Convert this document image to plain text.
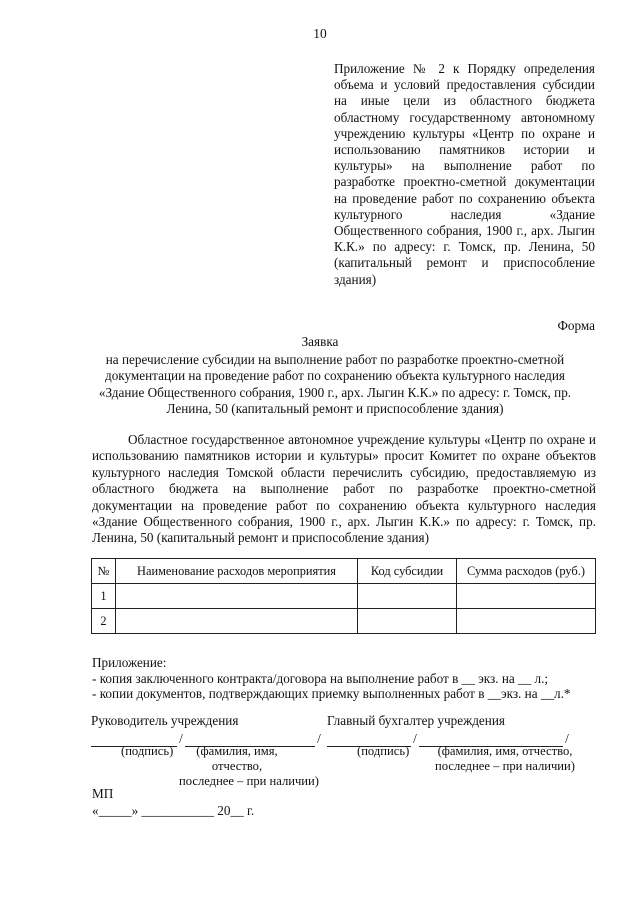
10
Приложение № 2 к Порядку определения объема и условий предоставления субсидии на иные цели из областного бюджета областному государственному автономному учреждению культуры «Центр по охране и использованию памятников истории и культуры» на выполнение работ по разработке проектно-сметной документации на проведение работ по сохранению объекта культурного наследия «Здание Общественного собрания, 1900 г., арх. Лыгин К.К.» по адресу: г. Томск, пр. Ленина, 50 (капитальный ремонт и приспособление здания)
Форма
Заявка
на перечисление субсидии на выполнение работ по разработке проектно-сметной документации на проведение работ по сохранению объекта культурного наследия «Здание Общественного собрания, 1900 г., арх. Лыгин К.К.» по адресу: г. Томск, пр. Ленина, 50 (капитальный ремонт и приспособление здания)
Областное государственное автономное учреждение культуры «Центр по охране и использованию памятников истории и культуры» просит Комитет по охране объектов культурного наследия Томской области перечислить субсидию, предоставляемую из областного бюджета на выполнение работ по разработке проектно-сметной документации на проведение работ по сохранению объекта культурного наследия «Здание Общественного собрания, 1900 г., арх. Лыгин К.К.» по адресу: г. Томск, пр. Ленина, 50 (капитальный ремонт и приспособление здания)
№	Наименование расходов мероприятия	Код субсидии	Сумма расходов (руб.)
1			
2			
Приложение:
- копия заключенного контракта/договора на выполнение работ в __ экз. на __ л.;
- копии документов, подтверждающих приемку выполненных работ в __экз. на __л.*
Руководитель учреждения
/	/
(подпись)	(фамилия, имя,
отчество,
последнее – при наличии)
Главный бухгалтер учреждения
/	/
(подпись)	(фамилия, имя, отчество,
последнее – при наличии)
МП
«_____» ___________ 20__ г.
